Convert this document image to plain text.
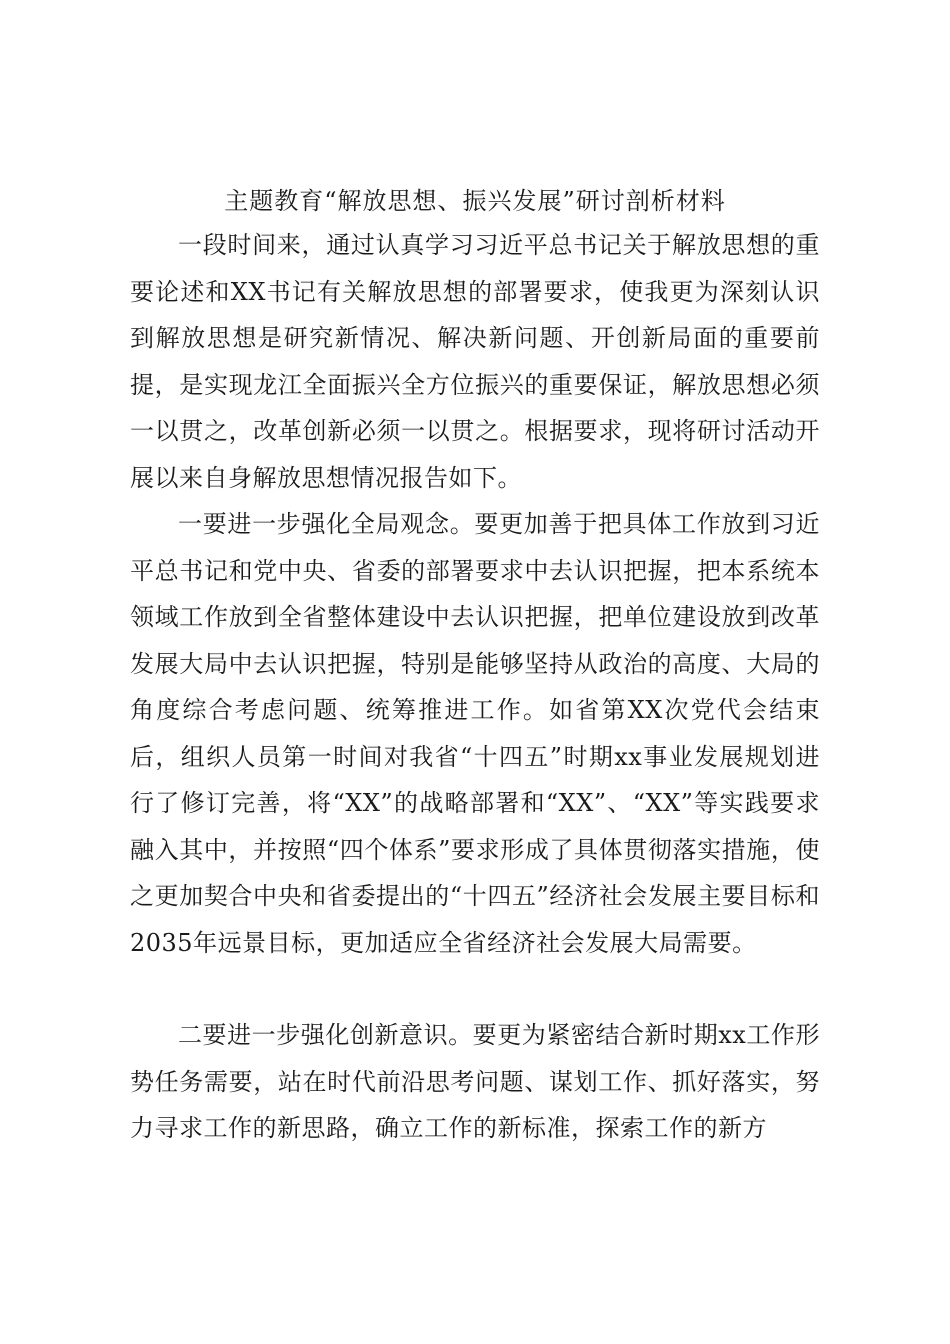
主题教育“解放思想、振兴发展”研讨剖析材料

一段时间来，通过认真学习习近平总书记关于解放思想的重要论述和XX书记有关解放思想的部署要求，使我更为深刻认识到解放思想是研究新情况、解决新问题、开创新局面的重要前提，是实现龙江全面振兴全方位振兴的重要保证，解放思想必须一以贯之，改革创新必须一以贯之。根据要求，现将研讨活动开展以来自身解放思想情况报告如下。

一要进一步强化全局观念。要更加善于把具体工作放到习近平总书记和党中央、省委的部署要求中去认识把握，把本系统本领域工作放到全省整体建设中去认识把握，把单位建设放到改革发展大局中去认识把握，特别是能够坚持从政治的高度、大局的角度综合考虑问题、统筹推进工作。如省第XX次党代会结束后，组织人员第一时间对我省“十四五”时期xx事业发展规划进行了修订完善，将“XX”的战略部署和“XX”、“XX”等实践要求融入其中，并按照“四个体系”要求形成了具体贯彻落实措施，使之更加契合中央和省委提出的“十四五”经济社会发展主要目标和2035年远景目标，更加适应全省经济社会发展大局需要。

二要进一步强化创新意识。要更为紧密结合新时期xx工作形势任务需要，站在时代前沿思考问题、谋划工作、抓好落实，努力寻求工作的新思路，确立工作的新标准，探索工作的新方
